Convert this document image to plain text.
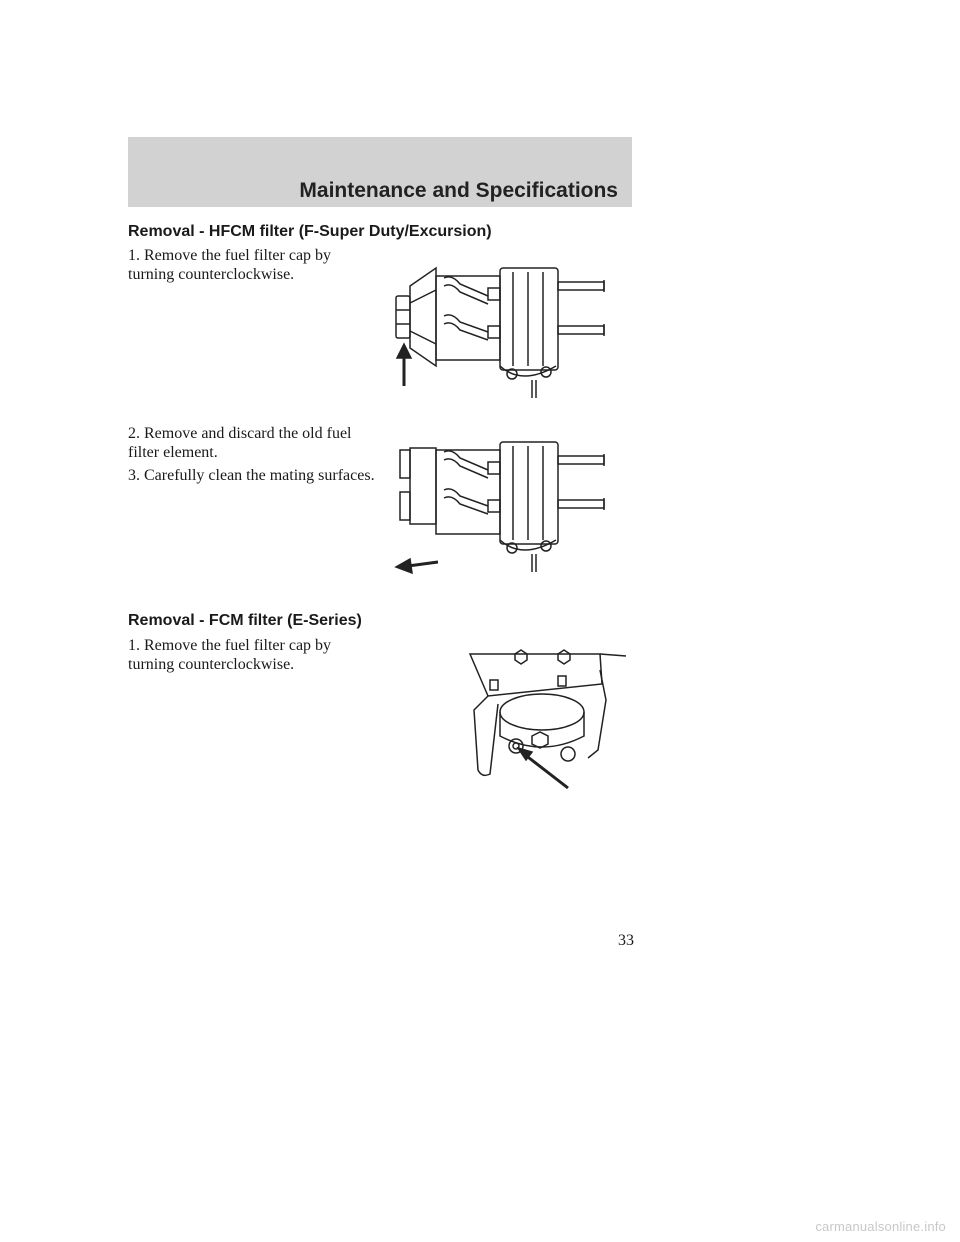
Maintenance and Specifications
Removal - HFCM filter (F-Super Duty/Excursion)
1. Remove the fuel filter cap by turning counterclockwise.
2. Remove and discard the old fuel filter element.
3. Carefully clean the mating surfaces.
Removal - FCM filter (E-Series)
1. Remove the fuel filter cap by turning counterclockwise.
33
carmanualsonline.info
